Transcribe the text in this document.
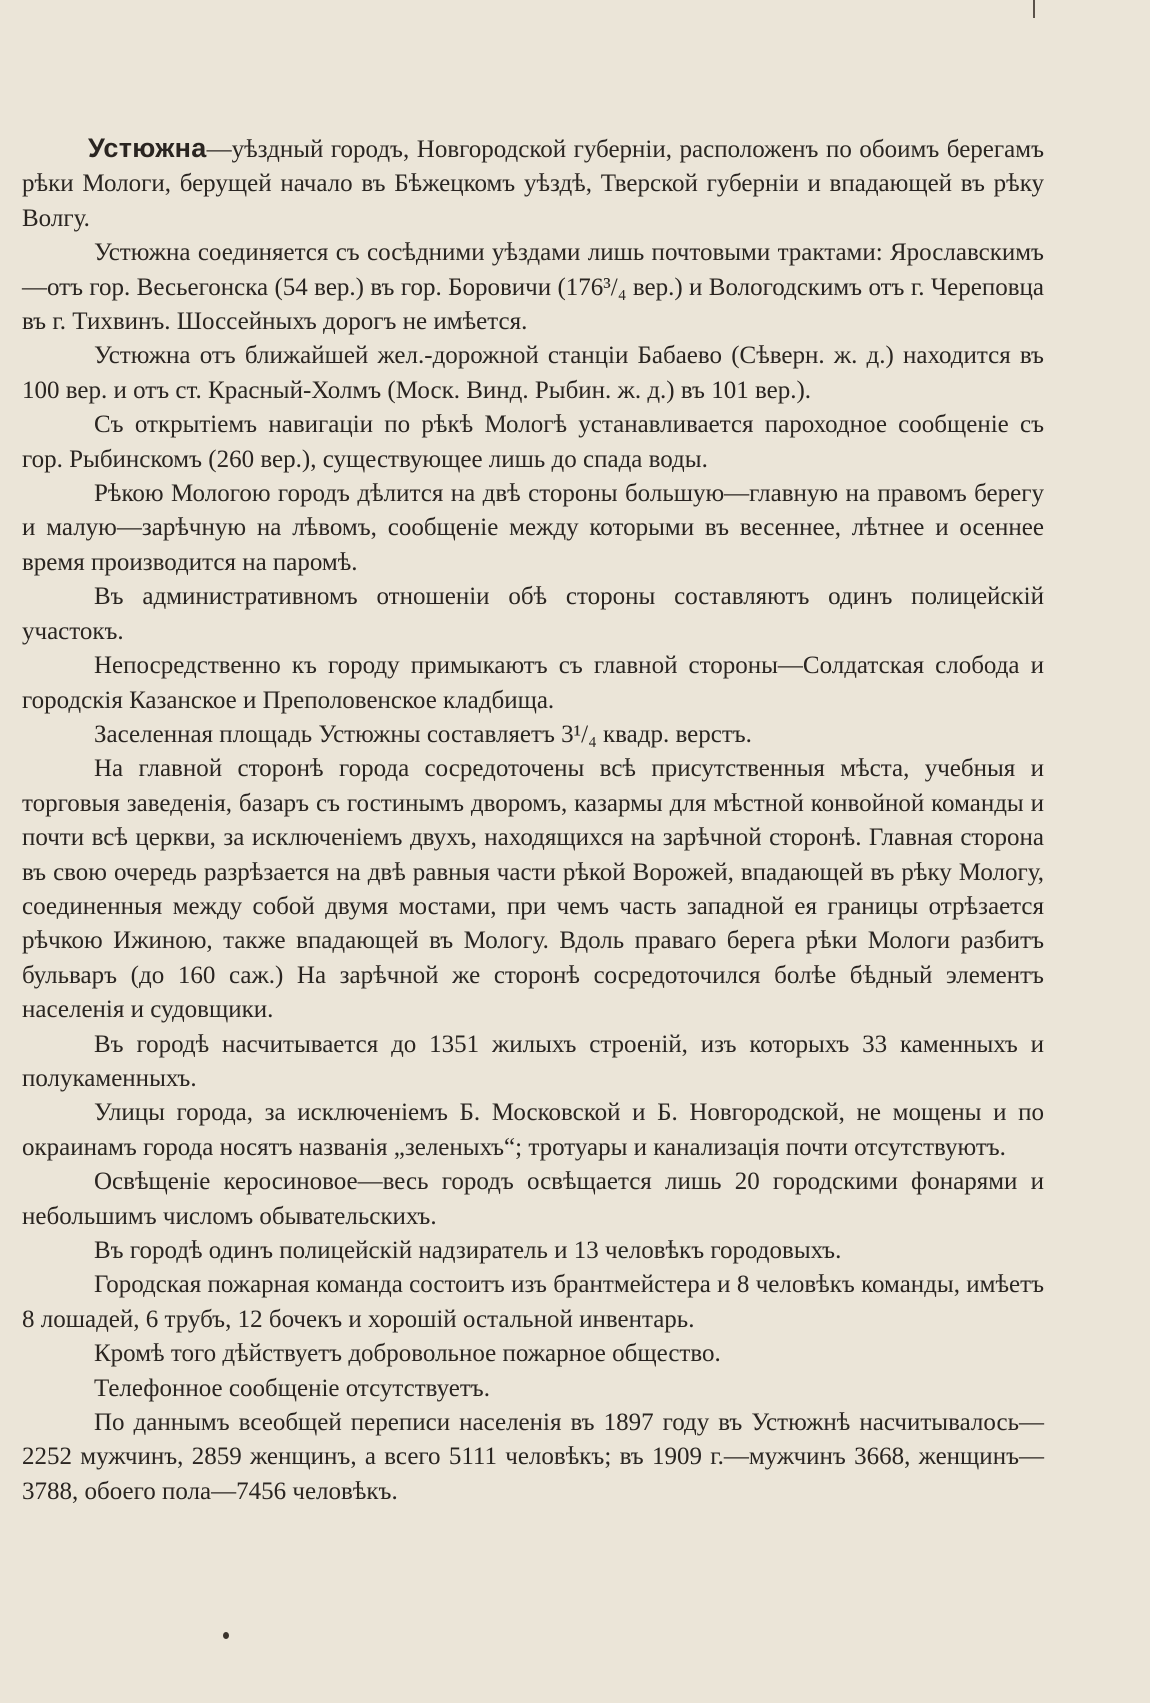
Устюжна—уѣздный городъ, Новгородской губерніи, расположенъ по обоимъ берегамъ рѣки Мологи, берущей начало въ Бѣжецкомъ уѣздѣ, Тверской губерніи и впадающей въ рѣку Волгу.

Устюжна соединяется съ сосѣдними уѣздами лишь почтовыми трактами: Ярославскимъ—отъ гор. Весьегонска (54 вер.) въ гор. Боровичи (176³/₄ вер.) и Вологодскимъ отъ г. Череповца въ г. Тихвинъ. Шоссейныхъ дорогъ не имѣется.

Устюжна отъ ближайшей жел.-дорожной станціи Бабаево (Сѣверн. ж. д.) находится въ 100 вер. и отъ ст. Красный-Холмъ (Моск. Винд. Рыбин. ж. д.) въ 101 вер.).

Съ открытіемъ навигаціи по рѣкѣ Мологѣ устанавливается пароходное сообщеніе съ гор. Рыбинскомъ (260 вер.), существующее лишь до спада воды.

Рѣкою Мологою городъ дѣлится на двѣ стороны большую—главную на правомъ берегу и малую—зарѣчную на лѣвомъ, сообщеніе между которыми въ весеннее, лѣтнее и осеннее время производится на паромѣ.

Въ административномъ отношеніи обѣ стороны составляютъ одинъ полицейскій участокъ.

Непосредственно къ городу примыкаютъ съ главной стороны—Солдатская слобода и городскія Казанское и Преполовенское кладбища.

Заселенная площадь Устюжны составляетъ 3¹/₄ квадр. верстъ.

На главной сторонѣ города сосредоточены всѣ присутственныя мѣста, учебныя и торговыя заведенія, базаръ съ гостинымъ дворомъ, казармы для мѣстной конвойной команды и почти всѣ церкви, за исключеніемъ двухъ, находящихся на зарѣчной сторонѣ. Главная сторона въ свою очередь разрѣзается на двѣ равныя части рѣкой Ворожей, впадающей въ рѣку Мологу, соединенныя между собой двумя мостами, при чемъ часть западной ея границы отрѣзается рѣчкою Ижиною, также впадающей въ Мологу. Вдоль праваго берега рѣки Мологи разбитъ бульваръ (до 160 саж.) На зарѣчной же сторонѣ сосредоточился болѣе бѣдный элементъ населенія и судовщики.

Въ городѣ насчитывается до 1351 жилыхъ строеній, изъ которыхъ 33 каменныхъ и полукаменныхъ.

Улицы города, за исключеніемъ Б. Московской и Б. Новгородской, не мощены и по окраинамъ города носятъ названія „зеленыхъ“; тротуары и канализація почти отсутствуютъ.

Освѣщеніе керосиновое—весь городъ освѣщается лишь 20 городскими фонарями и небольшимъ числомъ обывательскихъ.

Въ городѣ одинъ полицейскій надзиратель и 13 человѣкъ городовыхъ.

Городская пожарная команда состоитъ изъ брантмейстера и 8 человѣкъ команды, имѣетъ 8 лошадей, 6 трубъ, 12 бочекъ и хорошій остальной инвентарь.

Кромѣ того дѣйствуетъ добровольное пожарное общество.

Телефонное сообщеніе отсутствуетъ.

По даннымъ всеобщей переписи населенія въ 1897 году въ Устюжнѣ насчитывалось—2252 мужчинъ, 2859 женщинъ, а всего 5111 человѣкъ; въ 1909 г.—мужчинъ 3668, женщинъ—3788, обоего пола—7456 человѣкъ.
